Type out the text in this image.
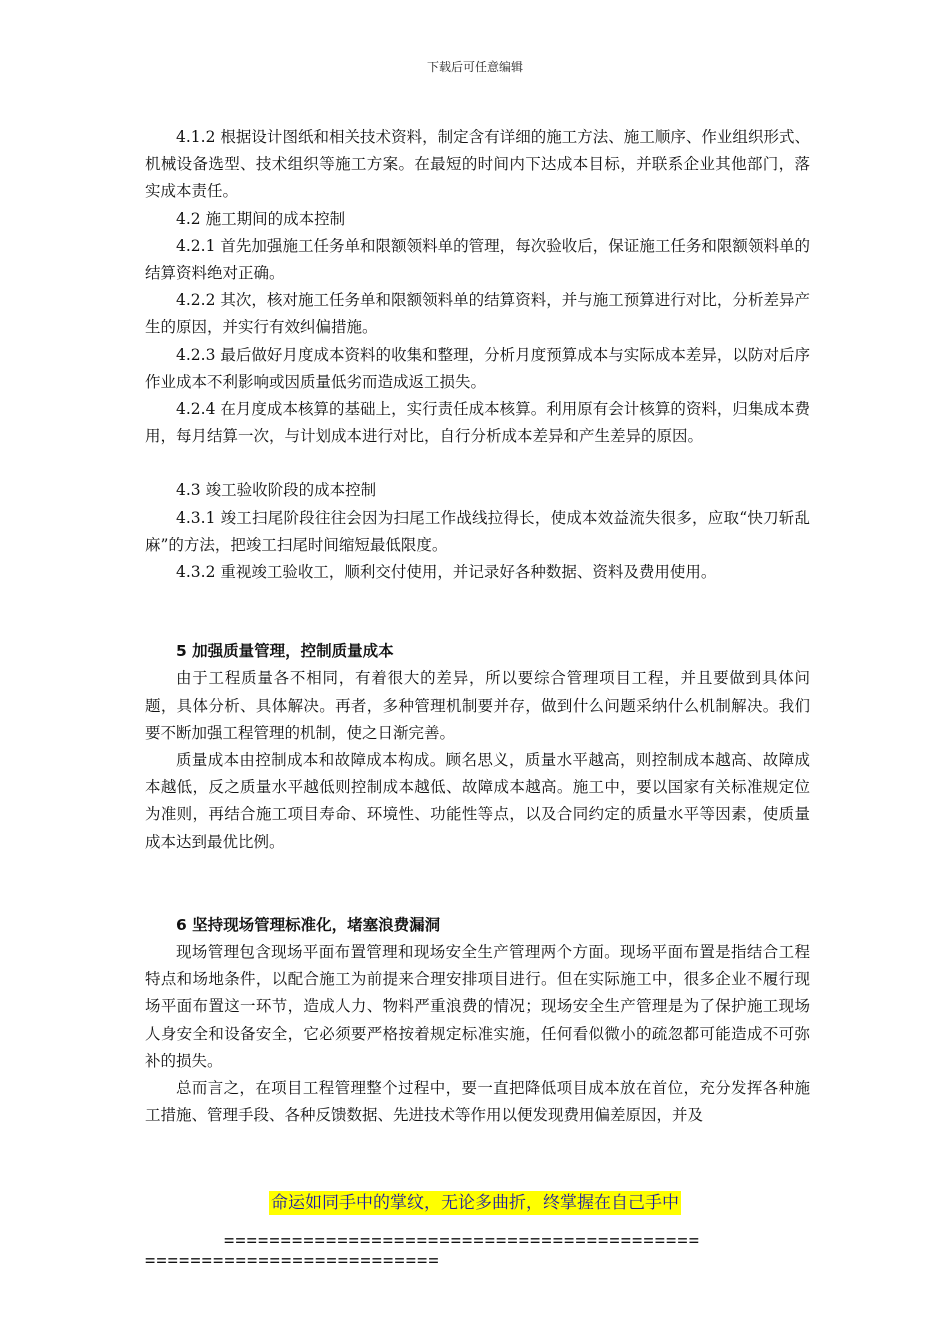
下载后可任意编辑

4.1.2 根据设计图纸和相关技术资料，制定含有详细的施工方法、施工顺序、作业组织形式、机械设备选型、技术组织等施工方案。在最短的时间内下达成本目标，并联系企业其他部门，落实成本责任。

4.2 施工期间的成本控制

4.2.1 首先加强施工任务单和限额领料单的管理，每次验收后，保证施工任务和限额领料单的结算资料绝对正确。

4.2.2 其次，核对施工任务单和限额领料单的结算资料，并与施工预算进行对比，分析差异产生的原因，并实行有效纠偏措施。

4.2.3 最后做好月度成本资料的收集和整理，分析月度预算成本与实际成本差异，以防对后序作业成本不利影响或因质量低劣而造成返工损失。

4.2.4 在月度成本核算的基础上，实行责任成本核算。利用原有会计核算的资料，归集成本费用，每月结算一次，与计划成本进行对比，自行分析成本差异和产生差异的原因。

4.3 竣工验收阶段的成本控制

4.3.1 竣工扫尾阶段往往会因为扫尾工作战线拉得长，使成本效益流失很多，应取“快刀斩乱麻”的方法，把竣工扫尾时间缩短最低限度。

4.3.2 重视竣工验收工，顺利交付使用，并记录好各种数据、资料及费用使用。

5 加强质量管理，控制质量成本

由于工程质量各不相同，有着很大的差异，所以要综合管理项目工程，并且要做到具体问题，具体分析、具体解决。再者，多种管理机制要并存，做到什么问题采纳什么机制解决。我们要不断加强工程管理的机制，使之日渐完善。

质量成本由控制成本和故障成本构成。顾名思义，质量水平越高，则控制成本越高、故障成本越低，反之质量水平越低则控制成本越低、故障成本越高。施工中，要以国家有关标准规定位为准则，再结合施工项目寿命、环境性、功能性等点，以及合同约定的质量水平等因素，使质量成本达到最优比例。

6 坚持现场管理标准化，堵塞浪费漏洞

现场管理包含现场平面布置管理和现场安全生产管理两个方面。现场平面布置是指结合工程特点和场地条件，以配合施工为前提来合理安排项目进行。但在实际施工中，很多企业不履行现场平面布置这一环节，造成人力、物料严重浪费的情况；现场安全生产管理是为了保护施工现场人身安全和设备安全，它必须要严格按着规定标准实施，任何看似微小的疏忽都可能造成不可弥补的损失。

总而言之，在项目工程管理整个过程中，要一直把降低项目成本放在首位，充分发挥各种施工措施、管理手段、各种反馈数据、先进技术等作用以便发现费用偏差原因，并及

命运如同手中的掌纹，无论多曲折，终掌握在自己手中
==========================================
==========================
